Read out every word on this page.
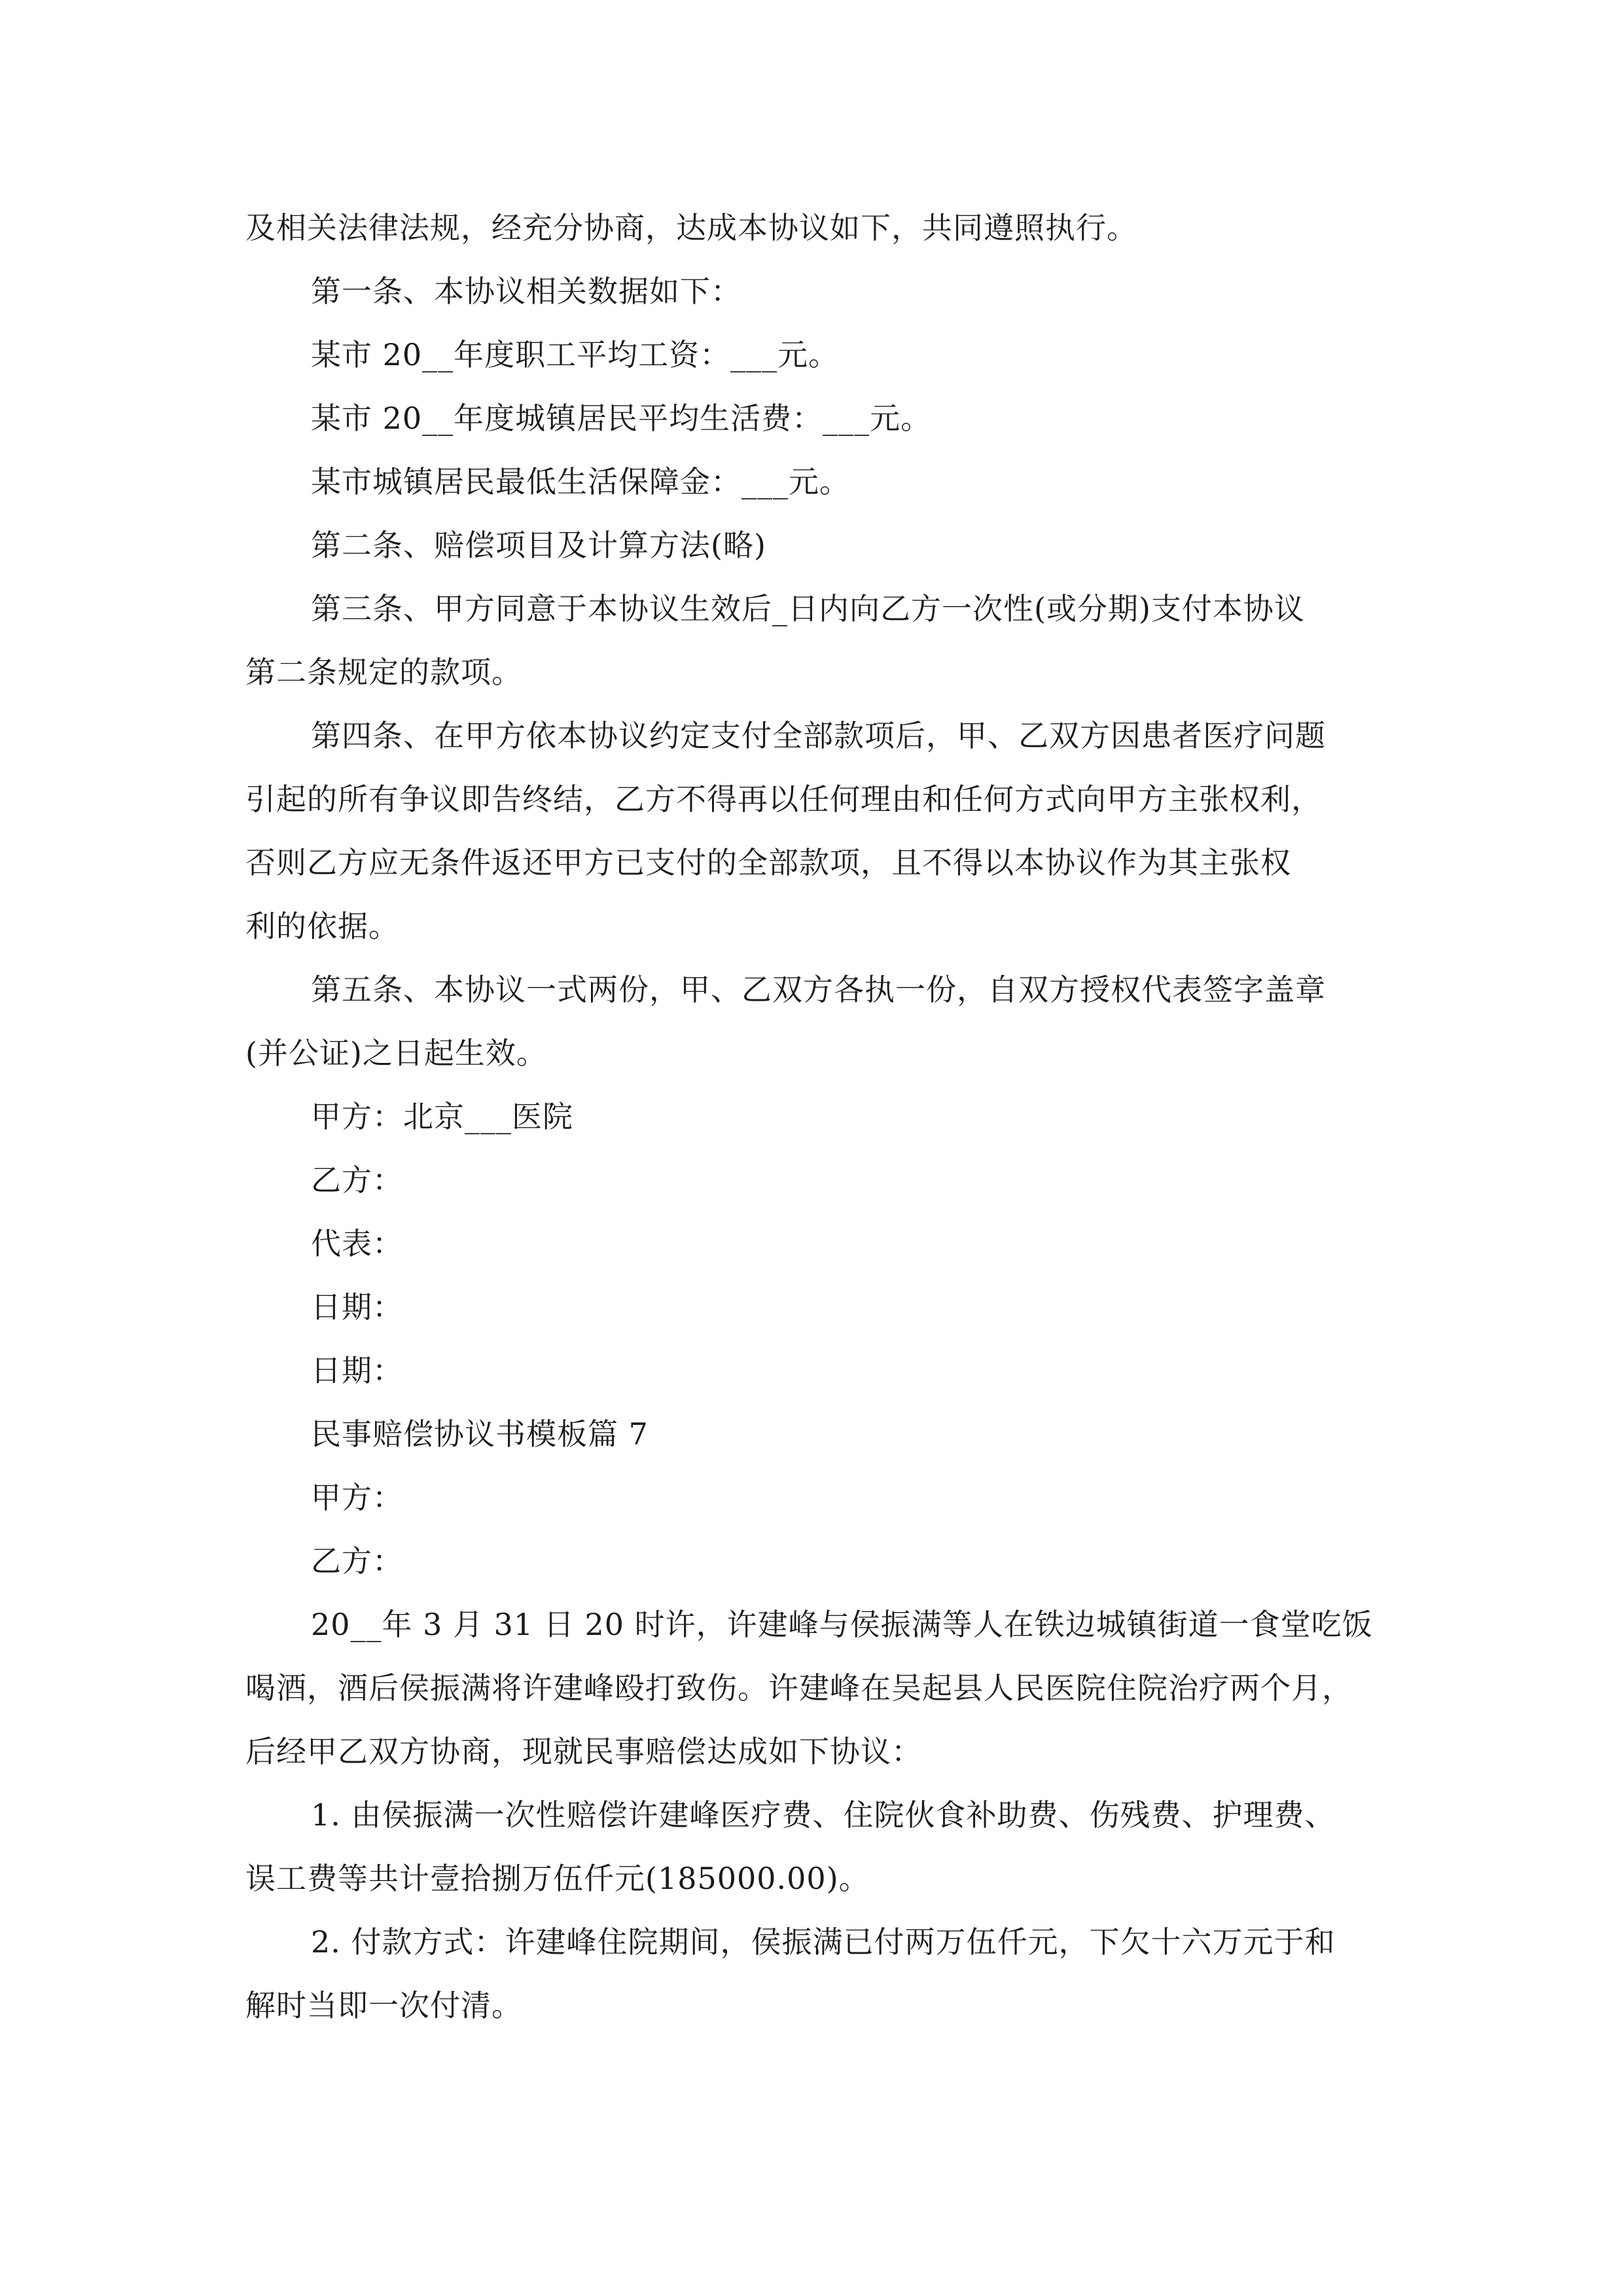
及相关法律法规，经充分协商，达成本协议如下，共同遵照执行。
第一条、本协议相关数据如下：
某市 20__年度职工平均工资：___元。
某市 20__年度城镇居民平均生活费：___元。
某市城镇居民最低生活保障金：___元。
第二条、赔偿项目及计算方法(略)
第三条、甲方同意于本协议生效后_日内向乙方一次性(或分期)支付本协议
第二条规定的款项。
第四条、在甲方依本协议约定支付全部款项后，甲、乙双方因患者医疗问题
引起的所有争议即告终结，乙方不得再以任何理由和任何方式向甲方主张权利，
否则乙方应无条件返还甲方已支付的全部款项，且不得以本协议作为其主张权
利的依据。
第五条、本协议一式两份，甲、乙双方各执一份，自双方授权代表签字盖章
(并公证)之日起生效。
甲方：北京___医院
乙方：
代表：
日期：
日期：
民事赔偿协议书模板篇 7
甲方：
乙方：
20__年 3 月 31 日 20 时许，许建峰与侯振满等人在铁边城镇街道一食堂吃饭
喝酒，酒后侯振满将许建峰殴打致伤。许建峰在吴起县人民医院住院治疗两个月，
后经甲乙双方协商，现就民事赔偿达成如下协议：
1. 由侯振满一次性赔偿许建峰医疗费、住院伙食补助费、伤残费、护理费、
误工费等共计壹拾捌万伍仟元(185000.00)。
2. 付款方式：许建峰住院期间，侯振满已付两万伍仟元，下欠十六万元于和
解时当即一次付清。
